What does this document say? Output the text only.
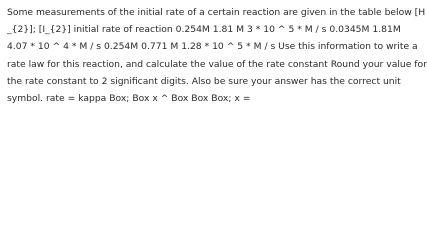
Some measurements of the initial rate of a certain reaction are given in the table below [H
_{2}]; [I_{2}] initial rate of reaction 0.254M 1.81 M 3 * 10 ^ 5 * M / s 0.0345M 1.81M
4.07 * 10 ^ 4 * M / s 0.254M 0.771 M 1.28 * 10 ^ 5 * M / s Use this information to write a
rate law for this reaction, and calculate the value of the rate constant Round your value for
the rate constant to 2 significant digits. Also be sure your answer has the correct unit
symbol. rate = kappa Box; Box x ^ Box Box Box; x =
